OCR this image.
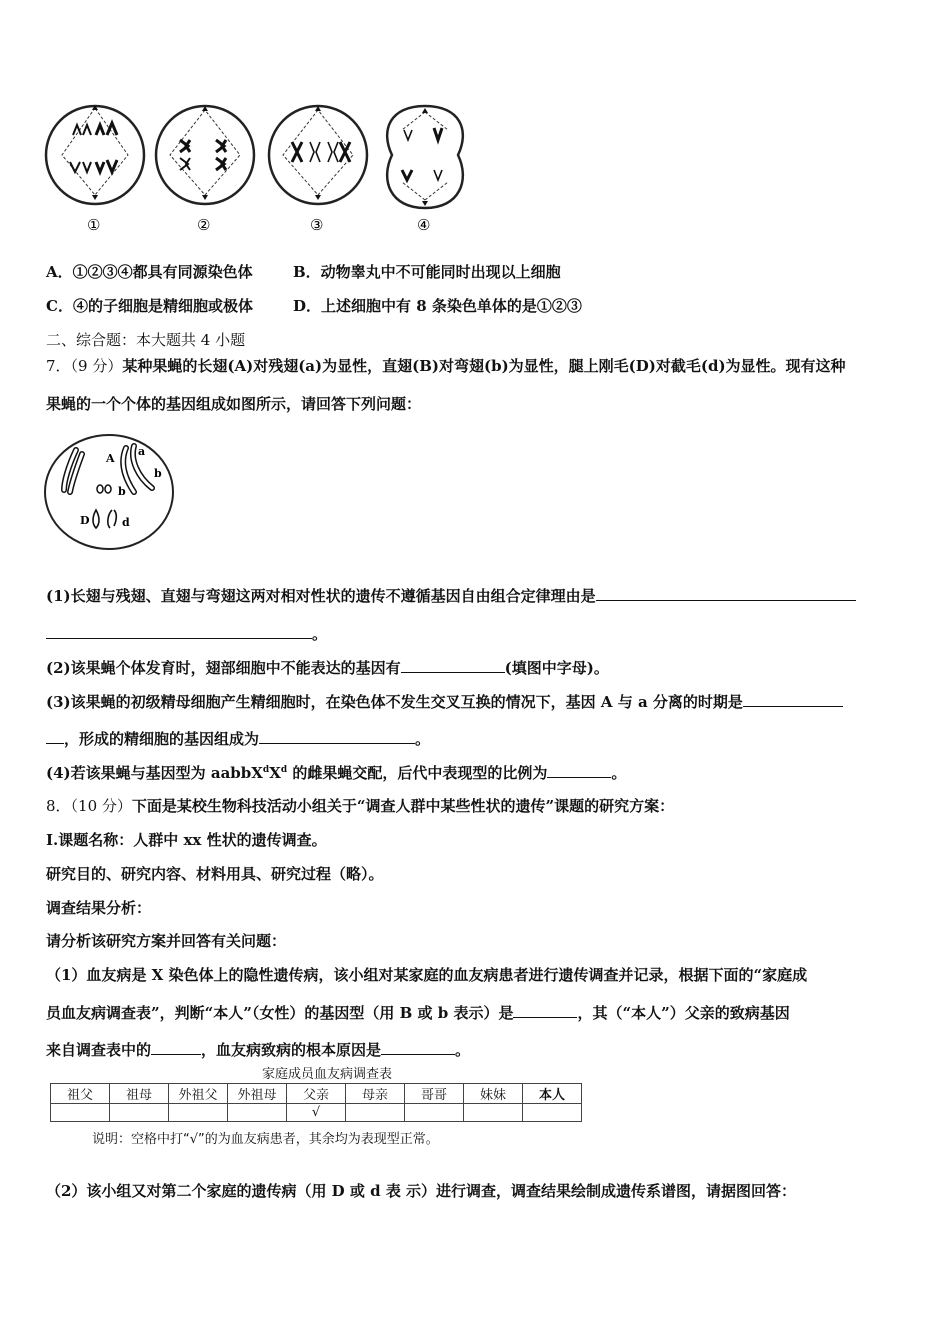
①	②	③	④
A．①②③④都具有同源染色体	B．动物睾丸中不可能同时出现以上细胞
C．④的子细胞是精细胞或极体	D．上述细胞中有 8 条染色单体的是①②③
二、综合题：本大题共 4 小题
7．（9 分）某种果蝇的长翅(A)对残翅(a)为显性，直翅(B)对弯翅(b)为显性，腿上刚毛(D)对截毛(d)为显性。现有这种
果蝇的一个个体的基因组成如图所示，请回答下列问题：
A
a
b
b
D	d
(1)长翅与残翅、直翅与弯翅这两对相对性状的遗传不遵循基因自由组合定律理由是
。
(2)该果蝇个体发育时，翅部细胞中不能表达的基因有	(填图中字母)。
(3)该果蝇的初级精母细胞产生精细胞时，在染色体不发生交叉互换的情况下，基因 A 与 a 分离的时期是
，形成的精细胞的基因组成为	。
(4)若该果蝇与基因型为 $aabbX^dX^d$ 的雌果蝇交配，后代中表现型的比例为	。
8．（10 分）下面是某校生物科技活动小组关于“调查人群中某些性状的遗传”课题的研究方案：
I.课题名称：人群中 xx 性状的遗传调查。
研究目的、研究内容、材料用具、研究过程（略）。
调查结果分析：
请分析该研究方案并回答有关问题：
（1）血友病是 X 染色体上的隐性遗传病，该小组对某家庭的血友病患者进行遗传调查并记录，根据下面的“家庭成
员血友病调查表”，判断“本人”（女性）的基因型（用 B 或 b 表示）是	，其（“本人”）父亲的致病基因
来自调查表中的	，血友病致病的根本原因是	。
家庭成员血友病调查表
祖父	祖母	外祖父	外祖母	父亲	母亲	哥哥	妹妹	本人
				√				
说明：空格中打“√”的为血友病患者，其余均为表现型正常。
（2）该小组又对第二个家庭的遗传病（用 D 或 d 表 示）进行调查，调查结果绘制成遗传系谱图，请据图回答：
